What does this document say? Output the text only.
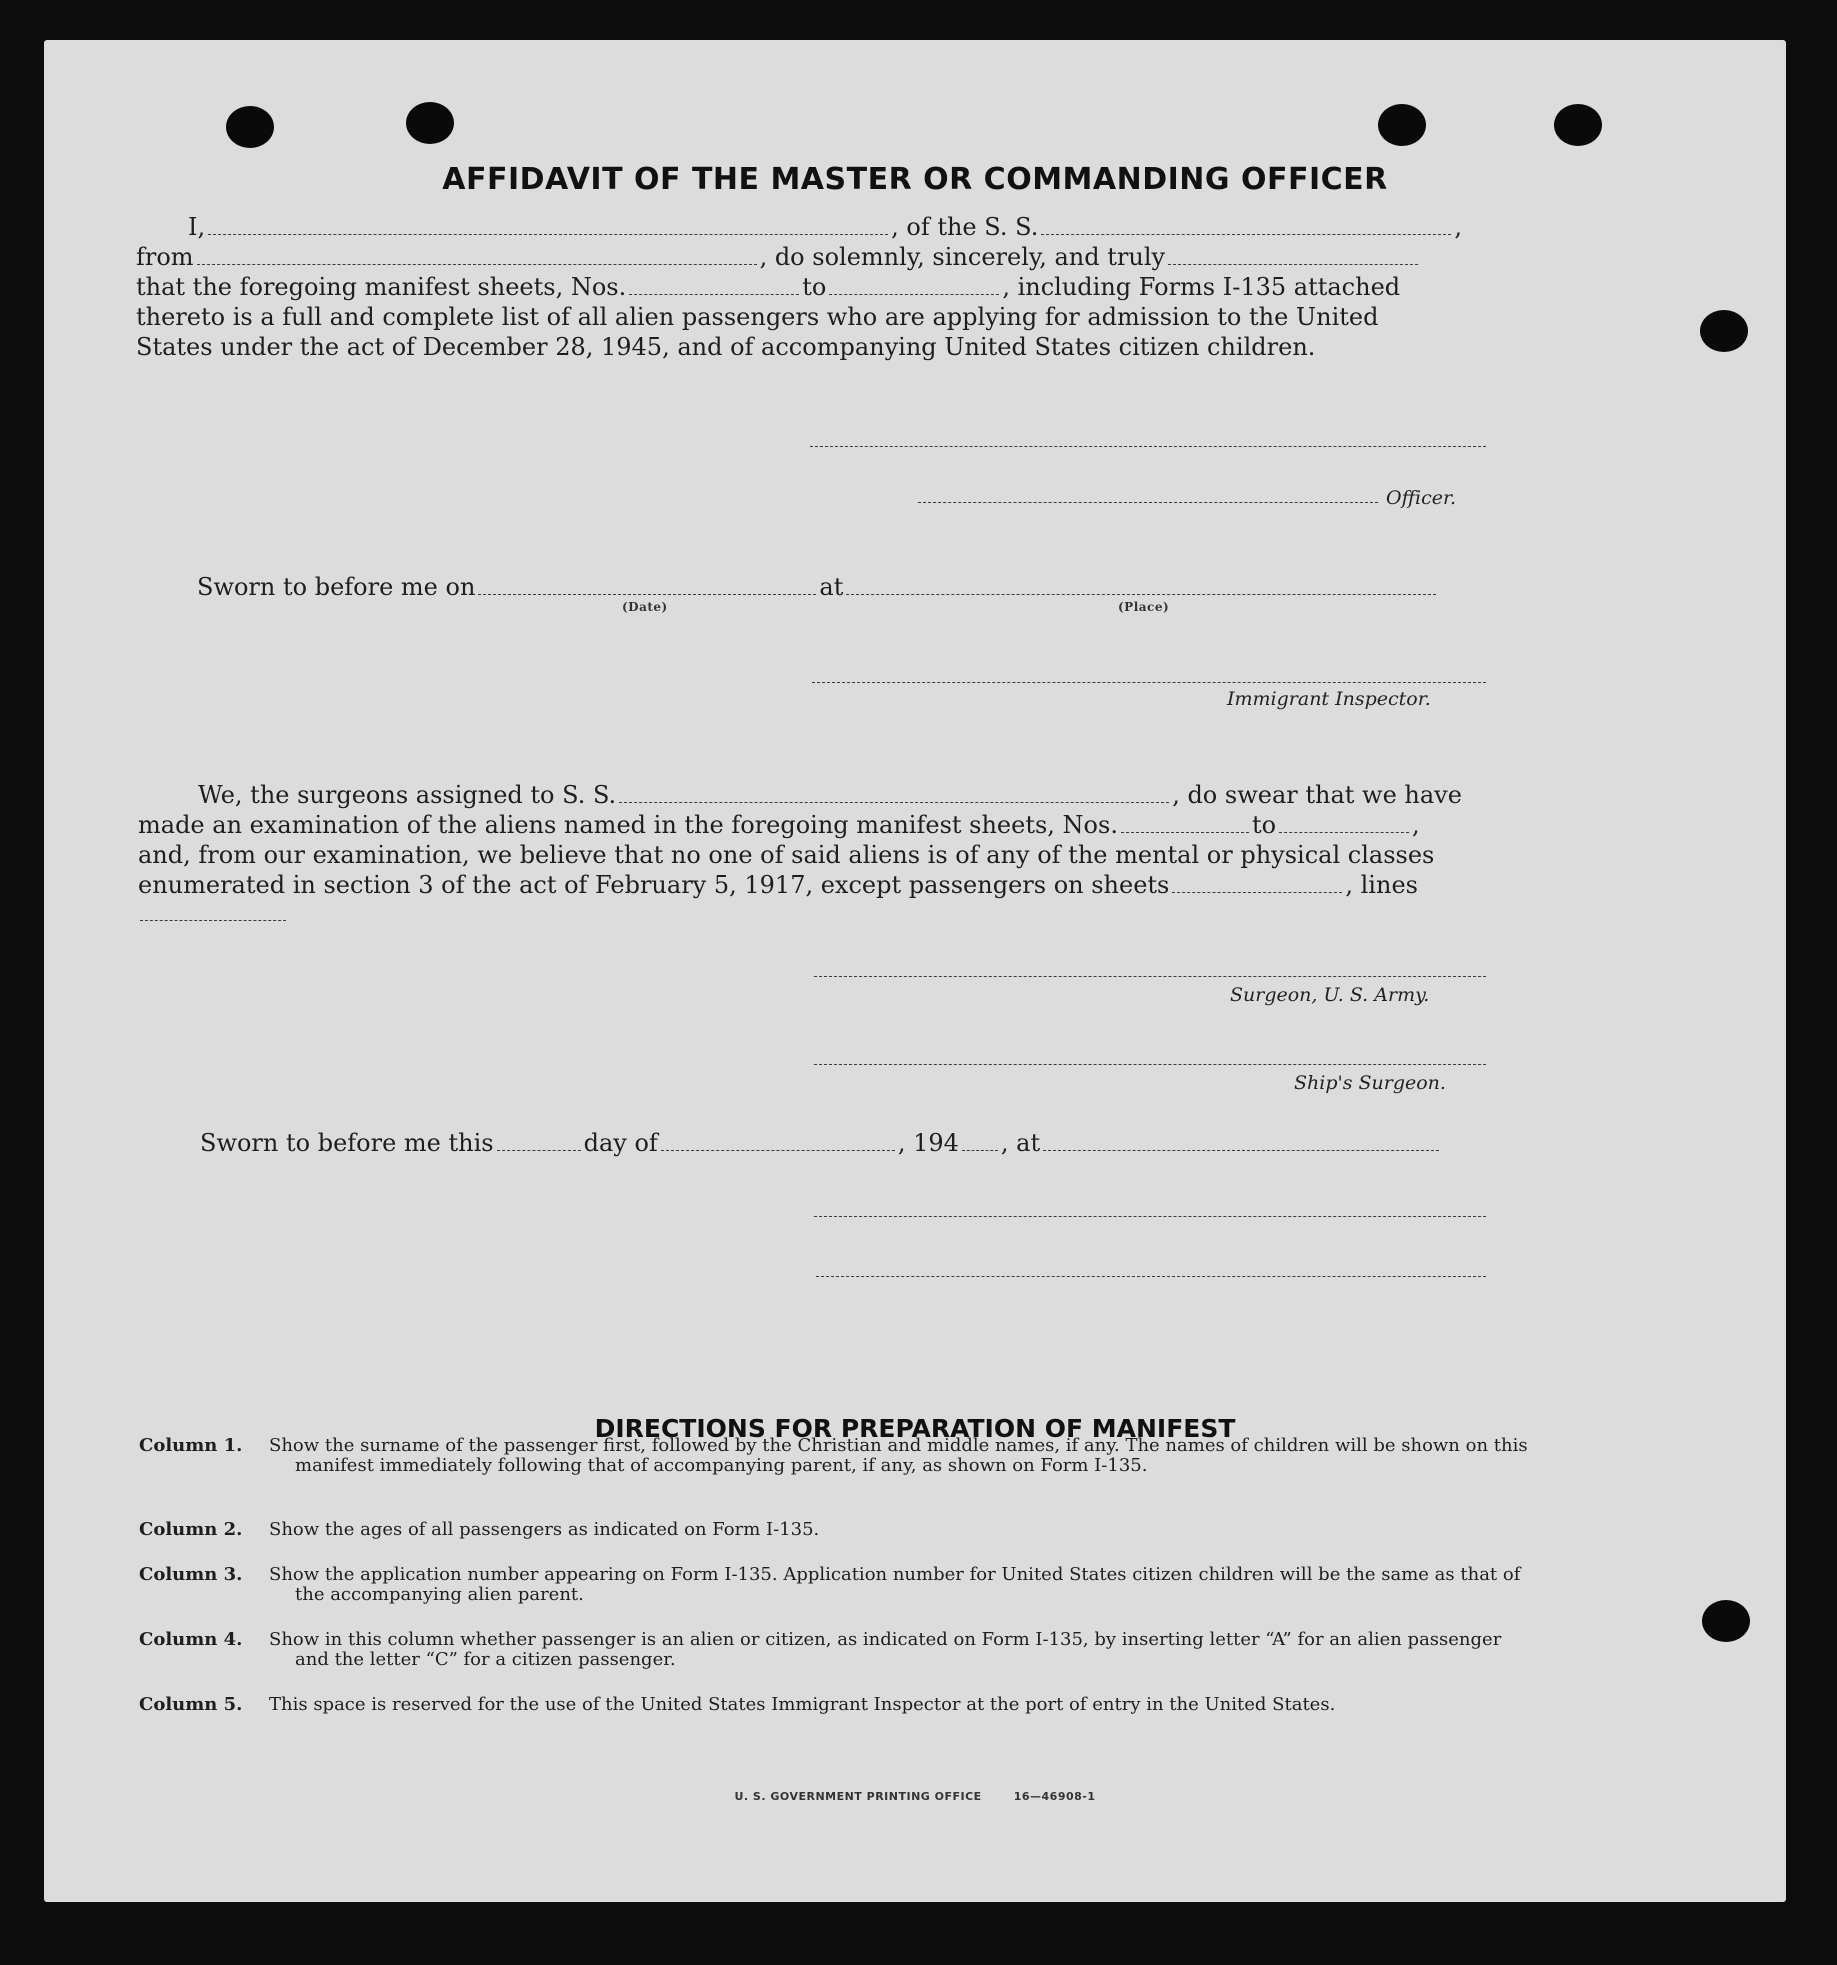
AFFIDAVIT OF THE MASTER OR COMMANDING OFFICER
I,	, of the S. S.	,
from	, do solemnly, sincerely, and truly
that the foregoing manifest sheets, Nos.	to	, including Forms I-135 attached
thereto is a full and complete list of all alien passengers who are applying for admission to the United
States under the act of December 28, 1945, and of accompanying United States citizen children.
Officer.
Sworn to before me on	at
(Date)	(Place)
Immigrant Inspector.
We, the surgeons assigned to S. S.	, do swear that we have
made an examination of the aliens named in the foregoing manifest sheets, Nos.	to	,
and, from our examination, we believe that no one of said aliens is of any of the mental or physical classes
enumerated in section 3 of the act of February 5, 1917, except passengers on sheets	, lines
Surgeon, U. S. Army.
Ship's Surgeon.
Sworn to before me this	day of	, 194 , at
DIRECTIONS FOR PREPARATION OF MANIFEST
Column 1. Show the surname of the passenger first, followed by the Christian and middle names, if any. The names of children will be shown on this manifest immediately following that of accompanying parent, if any, as shown on Form I-135.
Column 2. Show the ages of all passengers as indicated on Form I-135.
Column 3. Show the application number appearing on Form I-135. Application number for United States citizen children will be the same as that of the accompanying alien parent.
Column 4. Show in this column whether passenger is an alien or citizen, as indicated on Form I-135, by inserting letter “A” for an alien passenger and the letter “C” for a citizen passenger.
Column 5. This space is reserved for the use of the United States Immigrant Inspector at the port of entry in the United States.
U. S. GOVERNMENT PRINTING OFFICE	16—46908-1
